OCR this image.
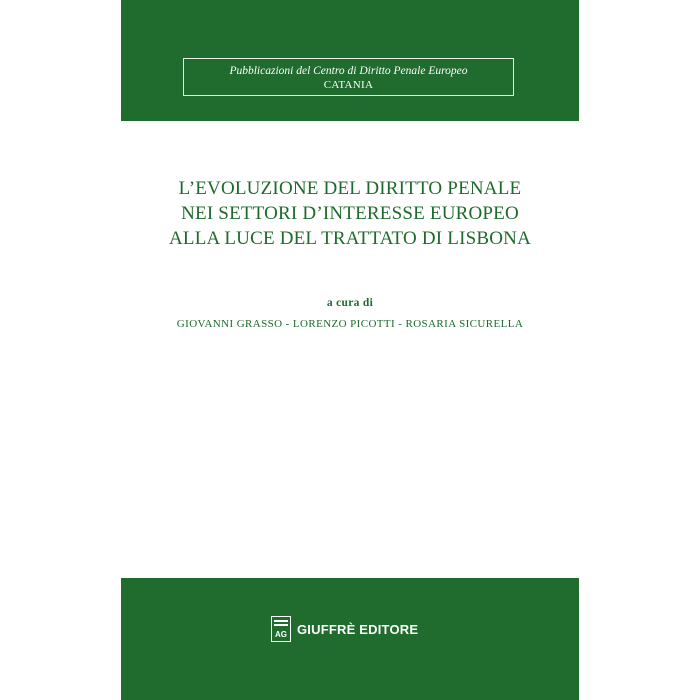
Pubblicazioni del Centro di Diritto Penale Europeo
CATANIA
L’EVOLUZIONE DEL DIRITTO PENALE
NEI SETTORI D’INTERESSE EUROPEO
ALLA LUCE DEL TRATTATO DI LISBONA
a cura di
GIOVANNI GRASSO - LORENZO PICOTTI - ROSARIA SICURELLA
AG GIUFFRÈ EDITORE
